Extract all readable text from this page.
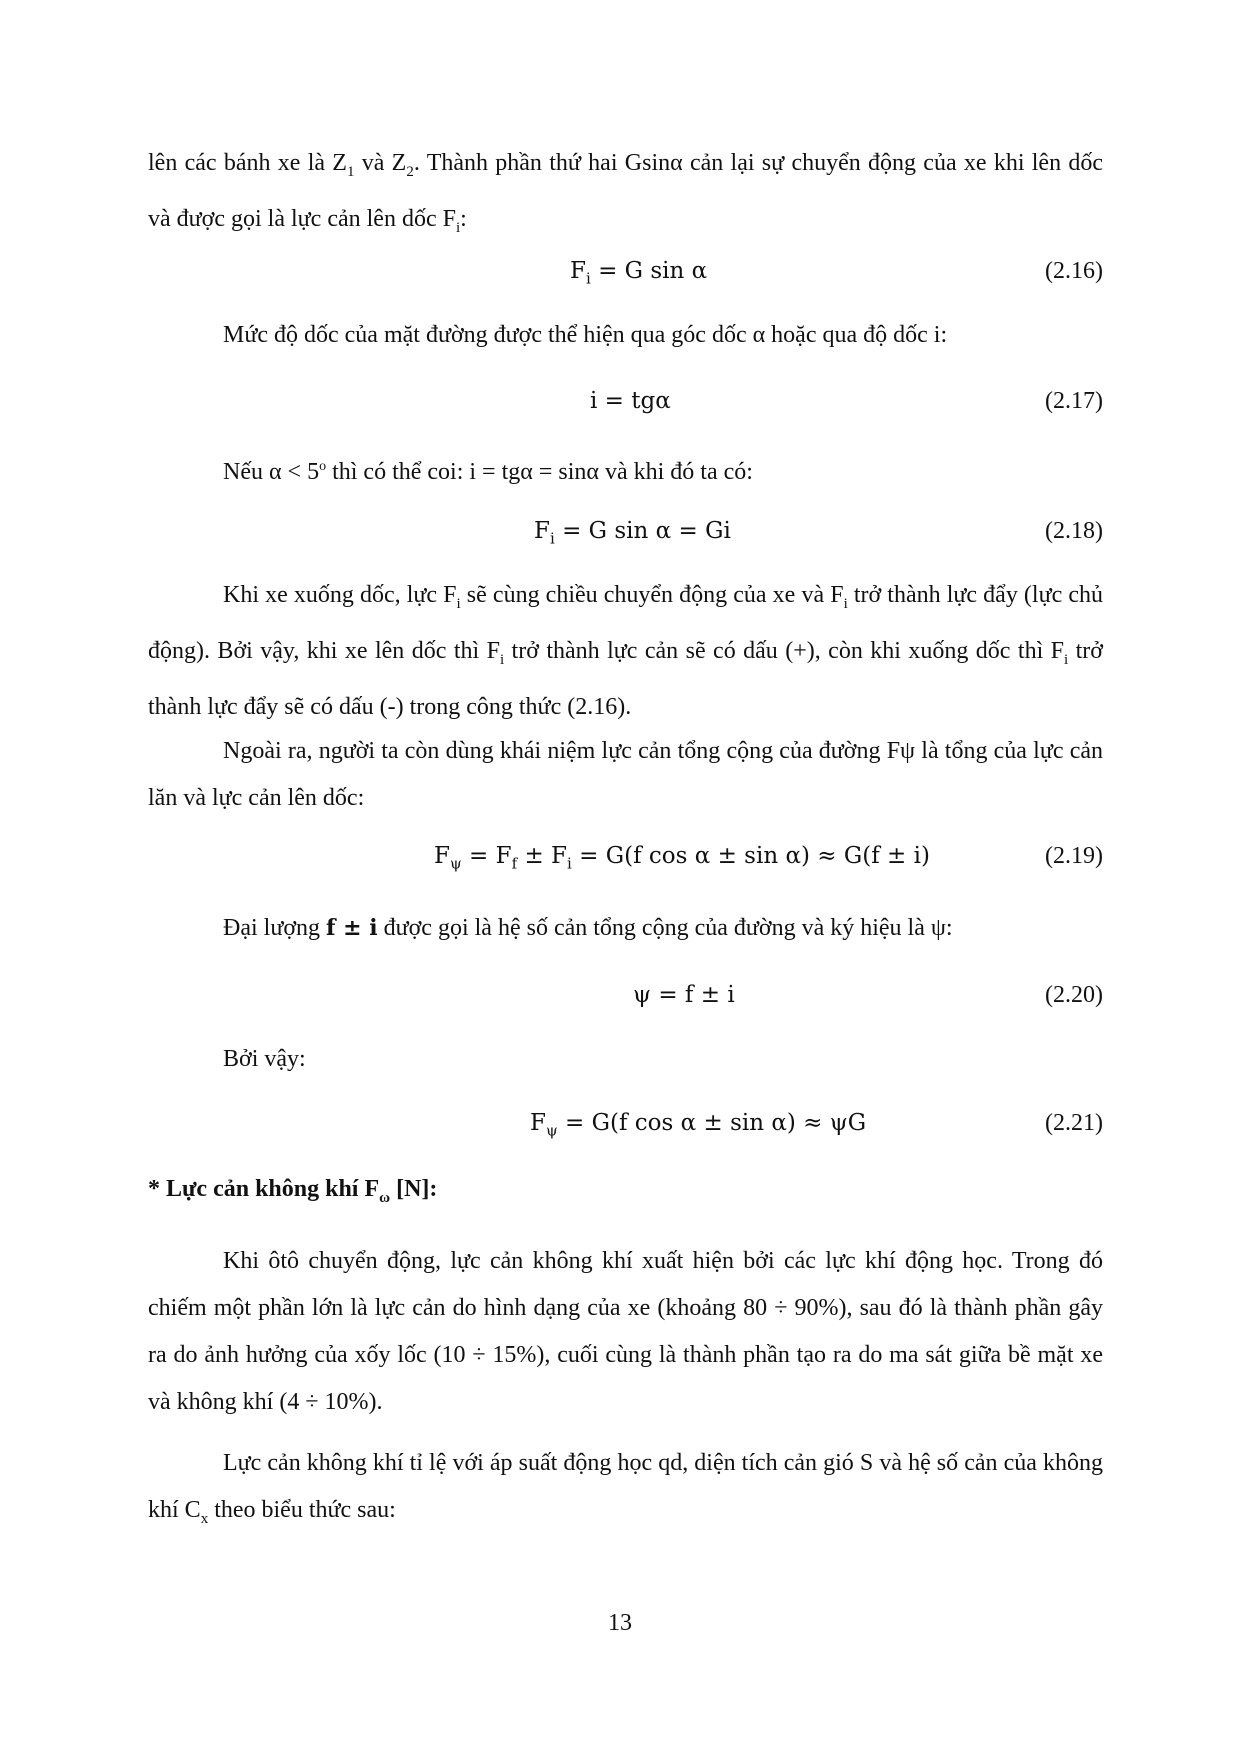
lên các bánh xe là $Z_1$ và $Z_2$. Thành phần thứ hai Gsinα cản lại sự chuyển động của xe khi lên dốc và được gọi là lực cản lên dốc $F_i$:

$F_i = G$ sin α	(2.16)

Mức độ dốc của mặt đường được thể hiện qua góc dốc α hoặc qua độ dốc i:

i = tgα	(2.17)

Nếu $\alpha < 5^o$ thì có thể coi: i = tgα = sinα và khi đó ta có:

$F_i = G$ sin α = Gi	(2.18)

Khi xe xuống dốc, lực $F_i$ sẽ cùng chiều chuyển động của xe và $F_i$ trở thành lực đẩy (lực chủ động). Bởi vậy, khi xe lên dốc thì $F_i$ trở thành lực cản sẽ có dấu (+), còn khi xuống dốc thì $F_i$ trở thành lực đẩy sẽ có dấu (-) trong công thức (2.16).

Ngoài ra, người ta còn dùng khái niệm lực cản tổng cộng của đường Fψ là tổng của lực cản lăn và lực cản lên dốc:

$F_\psi = F_f \pm F_i = G(f$ cos α ± sin α) ≈ G(f ± i)	(2.19)

Đại lượng f ± i được gọi là hệ số cản tổng cộng của đường và ký hiệu là ψ:

ψ = f ± i	(2.20)

Bởi vậy:

$F_\psi = G(f$ cos α ± sin α) ≈ ψG	(2.21)

* Lực cản không khí $F_\omega$ [N]:

Khi ôtô chuyển động, lực cản không khí xuất hiện bởi các lực khí động học. Trong đó chiếm một phần lớn là lực cản do hình dạng của xe (khoảng 80 ÷ 90%), sau đó là thành phần gây ra do ảnh hưởng của xốy lốc (10 ÷ 15%), cuối cùng là thành phần tạo ra do ma sát giữa bề mặt xe và không khí (4 ÷ 10%).

Lực cản không khí tỉ lệ với áp suất động học qd, diện tích cản gió S và hệ số cản của không khí $C_x$ theo biểu thức sau:

13
